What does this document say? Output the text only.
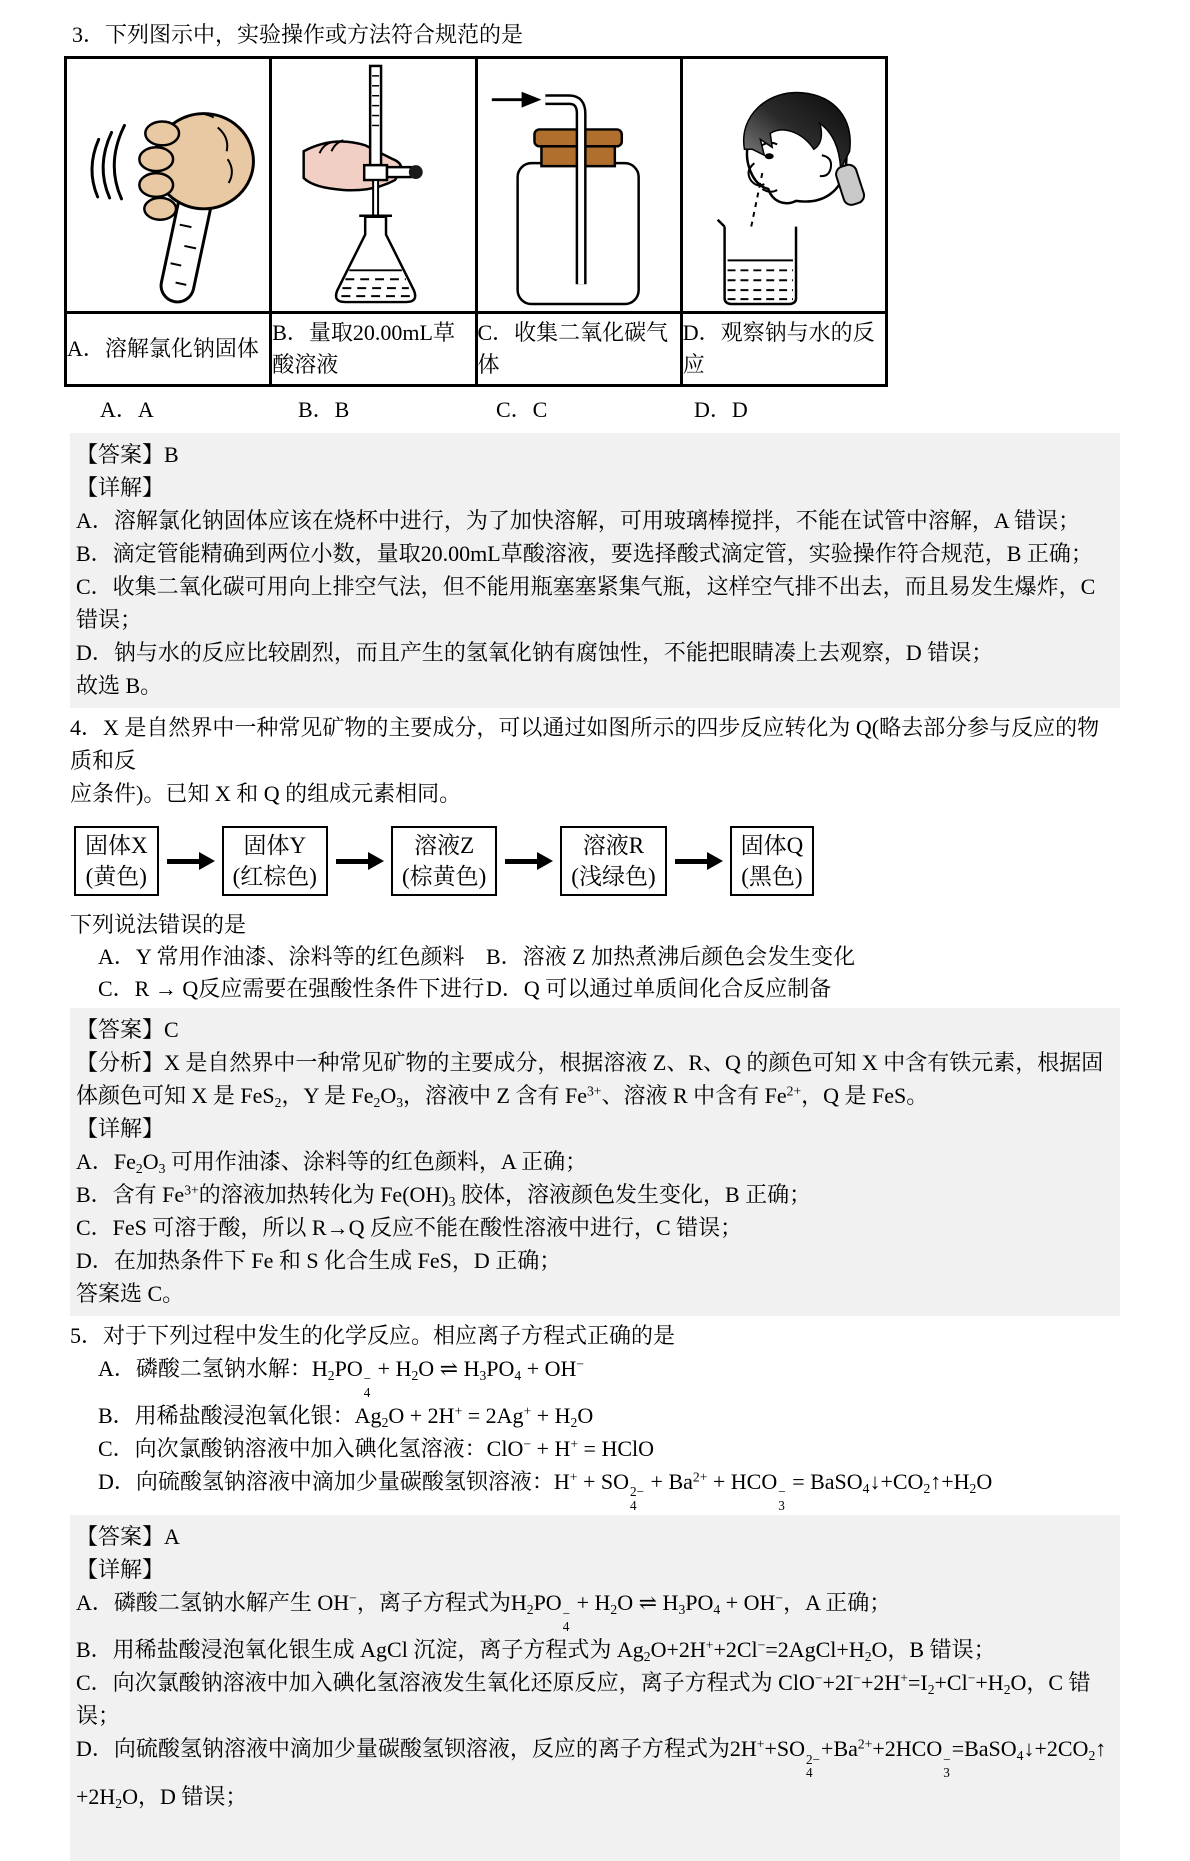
3．下列图示中，实验操作或方法符合规范的是

A．溶解氯化钠固体	B．量取20.00mL草酸溶液	C．收集二氧化碳气体	D．观察钠与水的反应
A．A	B．B	C．C	D．D
【答案】B
【详解】
A．溶解氯化钠固体应该在烧杯中进行，为了加快溶解，可用玻璃棒搅拌，不能在试管中溶解，A 错误；
B．滴定管能精确到两位小数，量取20.00mL草酸溶液，要选择酸式滴定管，实验操作符合规范，B 正确；
C．收集二氧化碳可用向上排空气法，但不能用瓶塞塞紧集气瓶，这样空气排不出去，而且易发生爆炸，C 错误；
D．钠与水的反应比较剧烈，而且产生的氢氧化钠有腐蚀性，不能把眼睛凑上去观察，D 错误；
故选 B。
4．X 是自然界中一种常见矿物的主要成分，可以通过如图所示的四步反应转化为 Q(略去部分参与反应的物质和反
应条件)。已知 X 和 Q 的组成元素相同。
固体X
(黄色)
固体Y
(红棕色)
溶液Z
(棕黄色)
溶液R
(浅绿色)
固体Q
(黑色)
下列说法错误的是
A．Y 常用作油漆、涂料等的红色颜料 B．溶液 Z 加热煮沸后颜色会发生变化
C．R → Q反应需要在强酸性条件下进行 D．Q 可以通过单质间化合反应制备
【答案】C
【分析】X 是自然界中一种常见矿物的主要成分，根据溶液 Z、R、Q 的颜色可知 X 中含有铁元素，根据固体颜色可知 X 是 FeS$_2$，Y 是 $Fe_2O_3$，溶液中 Z 含有 $Fe^{3+}$、溶液 R 中含有 $Fe^{2+}$，Q 是 FeS。
【详解】
A．$Fe_2O_3$ 可用作油漆、涂料等的红色颜料，A 正确；
B．含有 $Fe^{3+}$的溶液加热转化为 $Fe(OH)_3$ 胶体，溶液颜色发生变化，B 正确；
C．FeS 可溶于酸，所以 R→Q 反应不能在酸性溶液中进行，C 错误；
D．在加热条件下 Fe 和 S 化合生成 FeS，D 正确；
答案选 C。
5．对于下列过程中发生的化学反应。相应离子方程式正确的是
A．磷酸二氢钠水解：$H_2PO$ −
4
+ $H_2O$ ⇌ $H_3PO_4 + OH^-$
B．用稀盐酸浸泡氧化银：$Ag_2O + 2H^+ = 2Ag^+ + H_2O$
C．向次氯酸钠溶液中加入碘化氢溶液：ClO− + H+ = HClO
D．向硫酸氢钠溶液中滴加少量碳酸氢钡溶液：H+ + SO 2−
4
+ $Ba^{2+}$ + HCO −
3
= $BaSO_4↓+CO_2↑+H_2O$
【答案】A
【详解】
A．磷酸二氢钠水解产生 OH−，离子方程式为$H_2PO$ −
4
+ $H_2O$ ⇌ $H_3PO_4 + OH^-$，A 正确；
B．用稀盐酸浸泡氧化银生成 AgCl 沉淀，离子方程式为 $Ag_2O+2H^++2Cl^-=2AgCl+H_2O$，B 错误；
C．向次氯酸钠溶液中加入碘化氢溶液发生氧化还原反应，离子方程式为 $ClO^-+2I^-+2H^+=I_2+Cl^-+H_2O$，C 错误；
D．向硫酸氢钠溶液中滴加少量碳酸氢钡溶液，反应的离子方程式为2H++SO 2−
4
$+Ba^{2+}+2HCO$ −
3
$=BaSO_4↓+2CO_2↑$
$+2H_2O$，D 错误；
